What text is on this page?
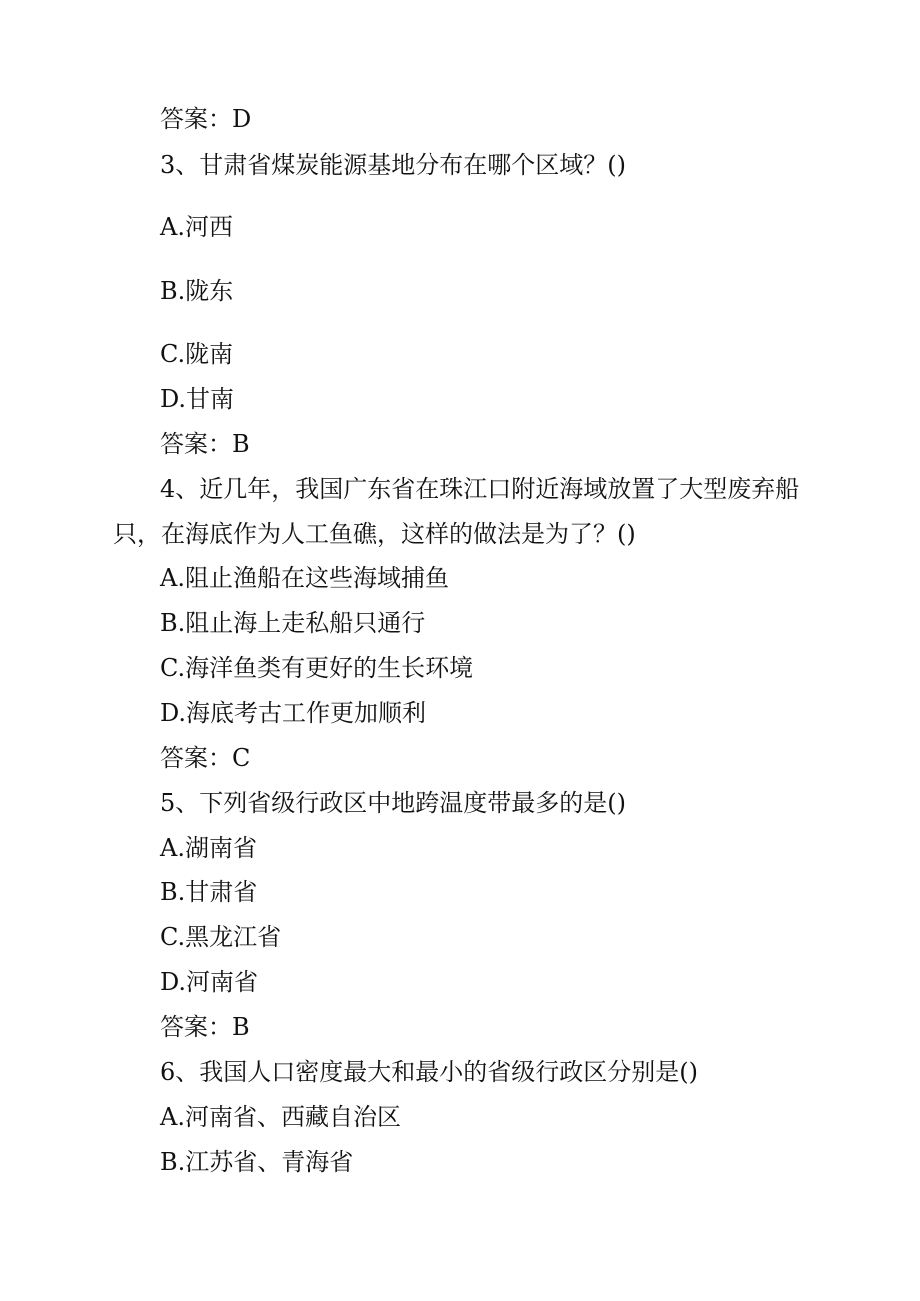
答案：D
3、甘肃省煤炭能源基地分布在哪个区域？()
A.河西
B.陇东
C.陇南
D.甘南
答案：B
4、近几年，我国广东省在珠江口附近海域放置了大型废弃船
只，在海底作为人工鱼礁，这样的做法是为了？()
A.阻止渔船在这些海域捕鱼
B.阻止海上走私船只通行
C.海洋鱼类有更好的生长环境
D.海底考古工作更加顺利
答案：C
5、下列省级行政区中地跨温度带最多的是()
A.湖南省
B.甘肃省
C.黑龙江省
D.河南省
答案：B
6、我国人口密度最大和最小的省级行政区分别是()
A.河南省、西藏自治区
B.江苏省、青海省
